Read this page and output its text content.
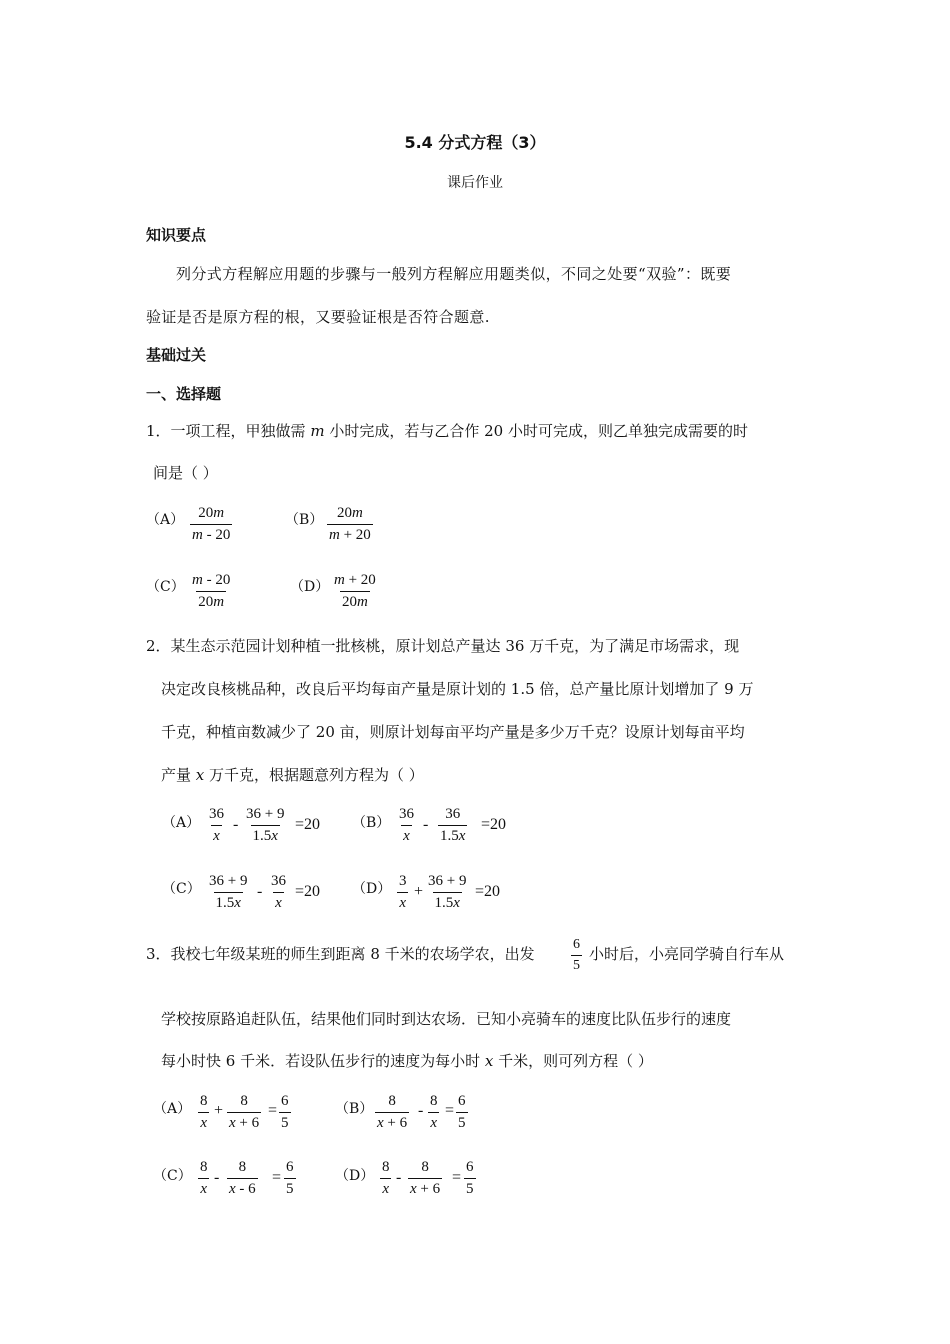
5.4 分式方程（3）
课后作业
知识要点
列分式方程解应用题的步骤与一般列方程解应用题类似，不同之处要“双验”：既要
验证是否是原方程的根，又要验证根是否符合题意.
基础过关
一、选择题
1．一项工程，甲独做需 m 小时完成，若与乙合作 20 小时可完成，则乙单独完成需要的时
间是（ ）
$(A) \frac{20m}{m - 20}$	$(B) \frac{20m}{m + 20}$
$(C) \frac{m - 20}{20m}$	$(D) \frac{m + 20}{20m}$
2．某生态示范园计划种植一批核桃，原计划总产量达 36 万千克，为了满足市场需求，现
决定改良核桃品种，改良后平均每亩产量是原计划的 1.5 倍，总产量比原计划增加了 9 万
千克，种植亩数减少了 20 亩，则原计划每亩平均产量是多少万千克？设原计划每亩平均
产量 x 万千克，根据题意列方程为（ ）
$(A) \frac{36}{x} - \frac{36 + 9}{1.5x} =20$ $(B) \frac{36}{x} - \frac{36}{1.5x} =20$
$(C) \frac{36 + 9}{1.5x} - \frac{36}{x} =20$ $(D) \frac{3}{x} + \frac{36 + 9}{1.5x} =20$
3．我校七年级某班的师生到距离 8 千米的农场学农，出发	$\frac{6}{5}$ 小时后，小亮同学骑自行车从
学校按原路追赶队伍，结果他们同时到达农场．已知小亮骑车的速度比队伍步行的速度
每小时快 6 千米．若设队伍步行的速度为每小时 x 千米，则可列方程（ ）
$(A) \frac{8}{x} + \frac{8}{x + 6} = \frac{6}{5}$	$(B) \frac{8}{x + 6} - \frac{8}{x} = \frac{6}{5}$
$(C) \frac{8}{x} - \frac{8}{x - 6} = \frac{6}{5}$	$(D) \frac{8}{x} - \frac{8}{x + 6} = \frac{6}{5}$
